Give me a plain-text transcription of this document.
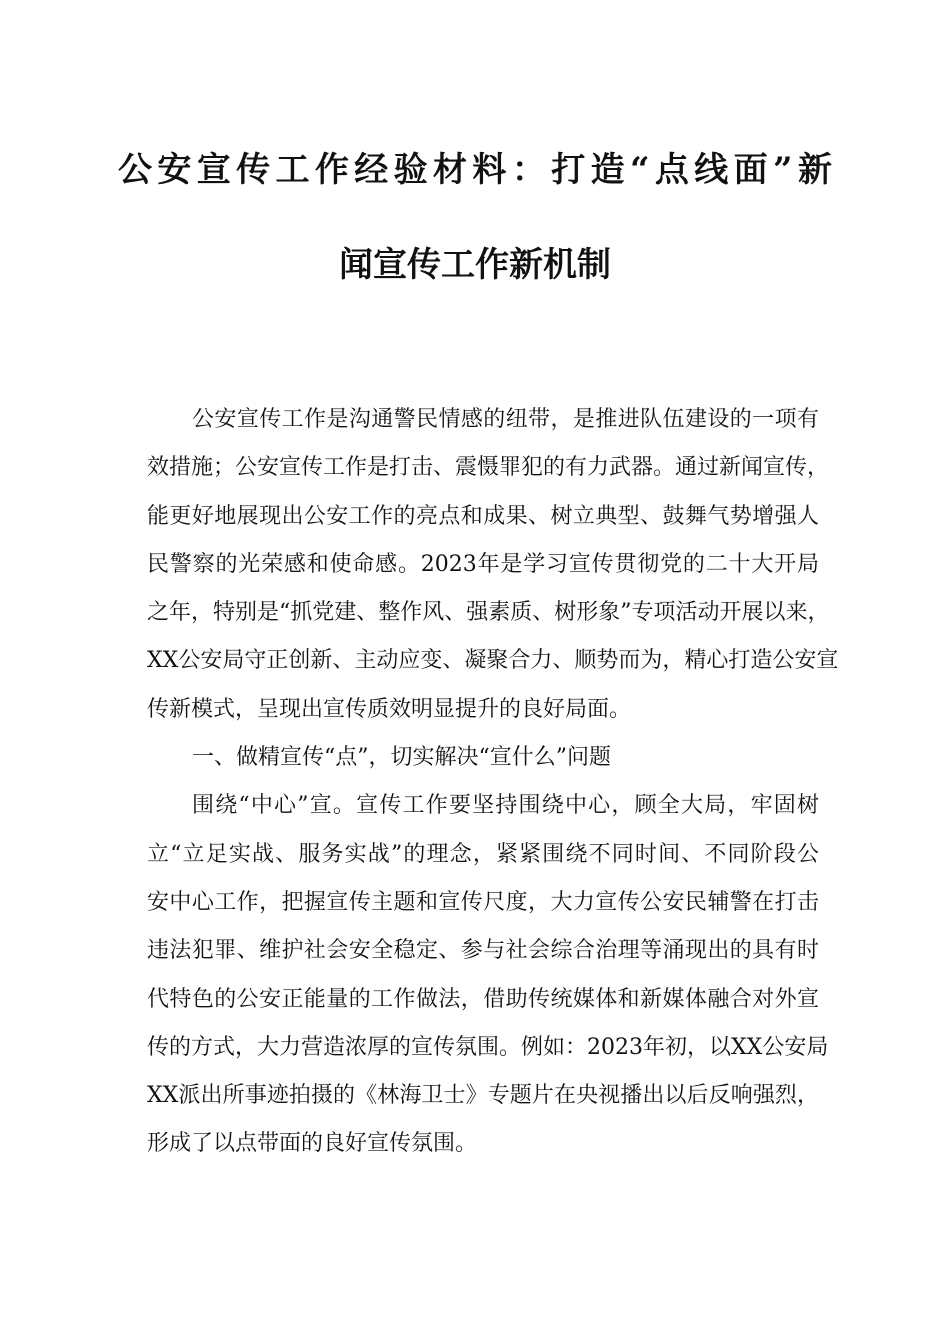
公安宣传工作经验材料：打造“点线面”新
闻宣传工作新机制
公安宣传工作是沟通警民情感的纽带，是推进队伍建设的一项有
效措施；公安宣传工作是打击、震慑罪犯的有力武器。通过新闻宣传，
能更好地展现出公安工作的亮点和成果、树立典型、鼓舞气势增强人
民警察的光荣感和使命感。2023年是学习宣传贯彻党的二十大开局
之年，特别是“抓党建、整作风、强素质、树形象”专项活动开展以来，
XX公安局守正创新、主动应变、凝聚合力、顺势而为，精心打造公安宣
传新模式，呈现出宣传质效明显提升的良好局面。
一、做精宣传“点”，切实解决“宣什么”问题
围绕“中心”宣。宣传工作要坚持围绕中心，顾全大局，牢固树
立“立足实战、服务实战”的理念，紧紧围绕不同时间、不同阶段公
安中心工作，把握宣传主题和宣传尺度，大力宣传公安民辅警在打击
违法犯罪、维护社会安全稳定、参与社会综合治理等涌现出的具有时
代特色的公安正能量的工作做法，借助传统媒体和新媒体融合对外宣
传的方式，大力营造浓厚的宣传氛围。例如：2023年初，以XX公安局
XX派出所事迹拍摄的《林海卫士》专题片在央视播出以后反响强烈，
形成了以点带面的良好宣传氛围。
